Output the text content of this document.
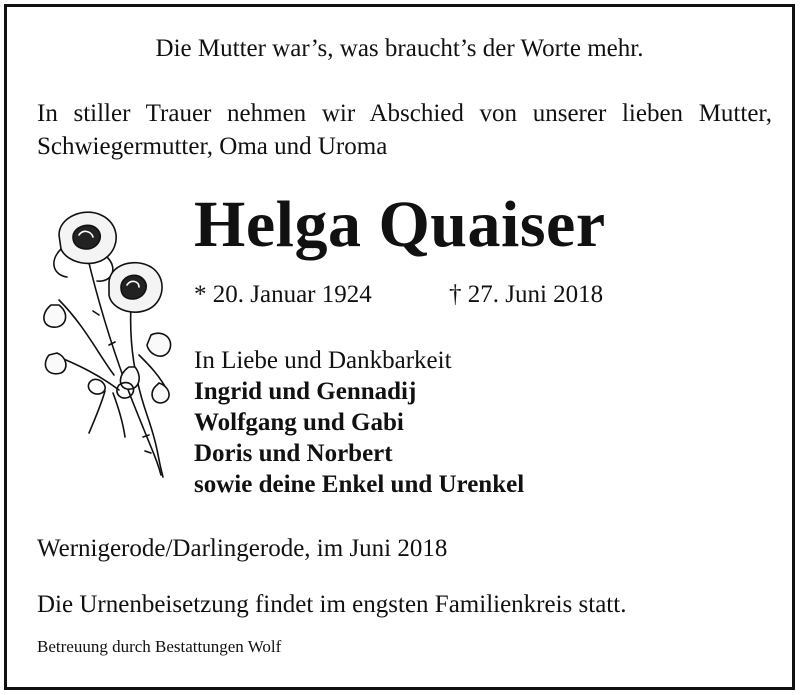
Die Mutter war’s, was braucht’s der Worte mehr.
In stiller Trauer nehmen wir Abschied von unserer lieben Mutter, Schwiegermutter, Oma und Uroma
Helga Quaiser
* 20. Januar 1924	† 27. Juni 2018
In Liebe und Dankbarkeit
Ingrid und Gennadij
Wolfgang und Gabi
Doris und Norbert
sowie deine Enkel und Urenkel
Wernigerode/Darlingerode, im Juni 2018
Die Urnenbeisetzung findet im engsten Familienkreis statt.
Betreuung durch Bestattungen Wolf
